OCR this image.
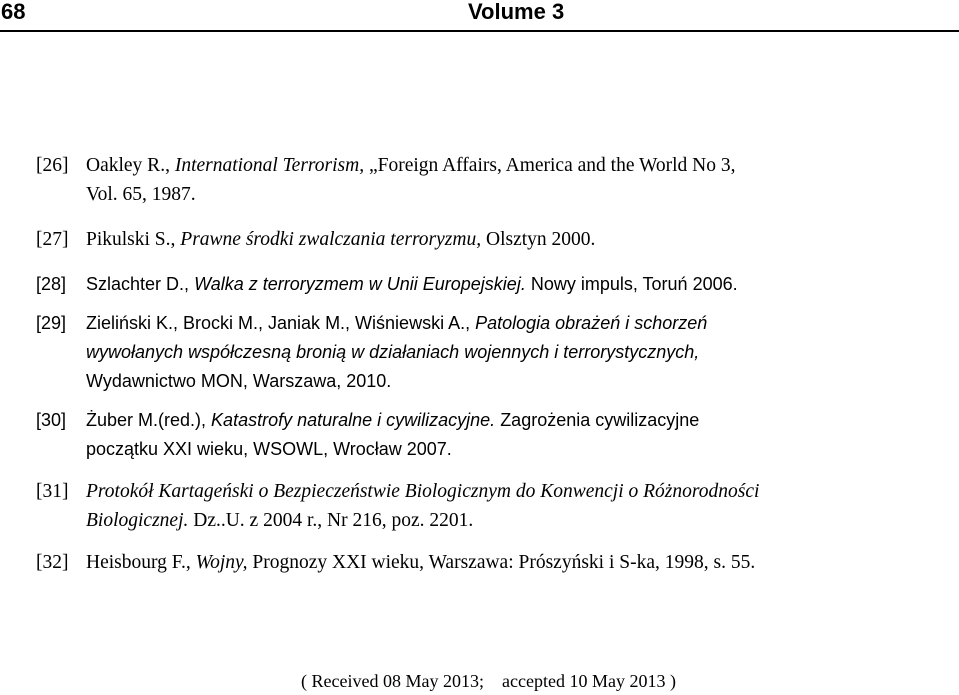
68	Volume 3
[26] Oakley R., International Terrorism, „Foreign Affairs, America and the World No 3,
Vol. 65, 1987.
[27] Pikulski S., Prawne środki zwalczania terroryzmu, Olsztyn 2000.
[28] Szlachter D., Walka z terroryzmem w Unii Europejskiej. Nowy impuls, Toruń 2006.
[29] Zieliński K., Brocki M., Janiak M., Wiśniewski A., Patologia obrażeń i schorzeń
wywołanych współczesną bronią w działaniach wojennych i terrorystycznych,
Wydawnictwo MON, Warszawa, 2010.
[30] Żuber M.(red.), Katastrofy naturalne i cywilizacyjne. Zagrożenia cywilizacyjne
początku XXI wieku, WSOWL, Wrocław 2007.
[31] Protokół Kartageński o Bezpieczeństwie Biologicznym do Konwencji o Różnorodności
Biologicznej. Dz..U. z 2004 r., Nr 216, poz. 2201.
[32] Heisbourg F., Wojny, Prognozy XXI wieku, Warszawa: Prószyński i S-ka, 1998, s. 55.
( Received 08 May 2013; accepted 10 May 2013 )
